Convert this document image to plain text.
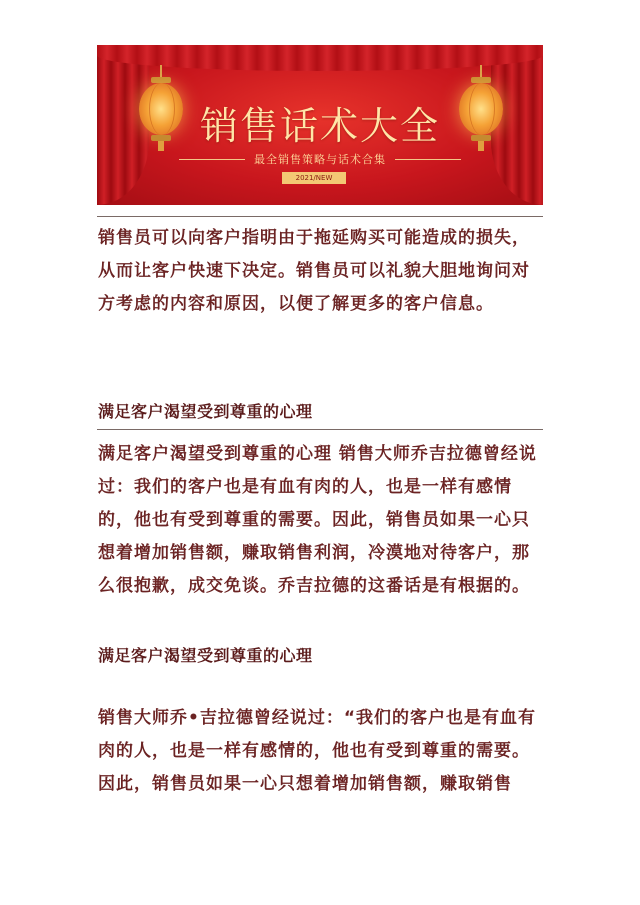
销售话术大全
最全销售策略与话术合集
2021/NEW

销售员可以向客户指明由于拖延购买可能造成的损失，从而让客户快速下决定。销售员可以礼貌大胆地询问对方考虑的内容和原因，以便了解更多的客户信息。

满足客户渴望受到尊重的心理

满足客户渴望受到尊重的心理 销售大师乔吉拉德曾经说过：我们的客户也是有血有肉的人，也是一样有感情的，他也有受到尊重的需要。因此，销售员如果一心只想着增加销售额，赚取销售利润，冷漠地对待客户，那么很抱歉，成交免谈。乔吉拉德的这番话是有根据的。

满足客户渴望受到尊重的心理

销售大师乔•吉拉德曾经说过：“我们的客户也是有血有肉的人，也是一样有感情的，他也有受到尊重的需要。因此，销售员如果一心只想着增加销售额，赚取销售
